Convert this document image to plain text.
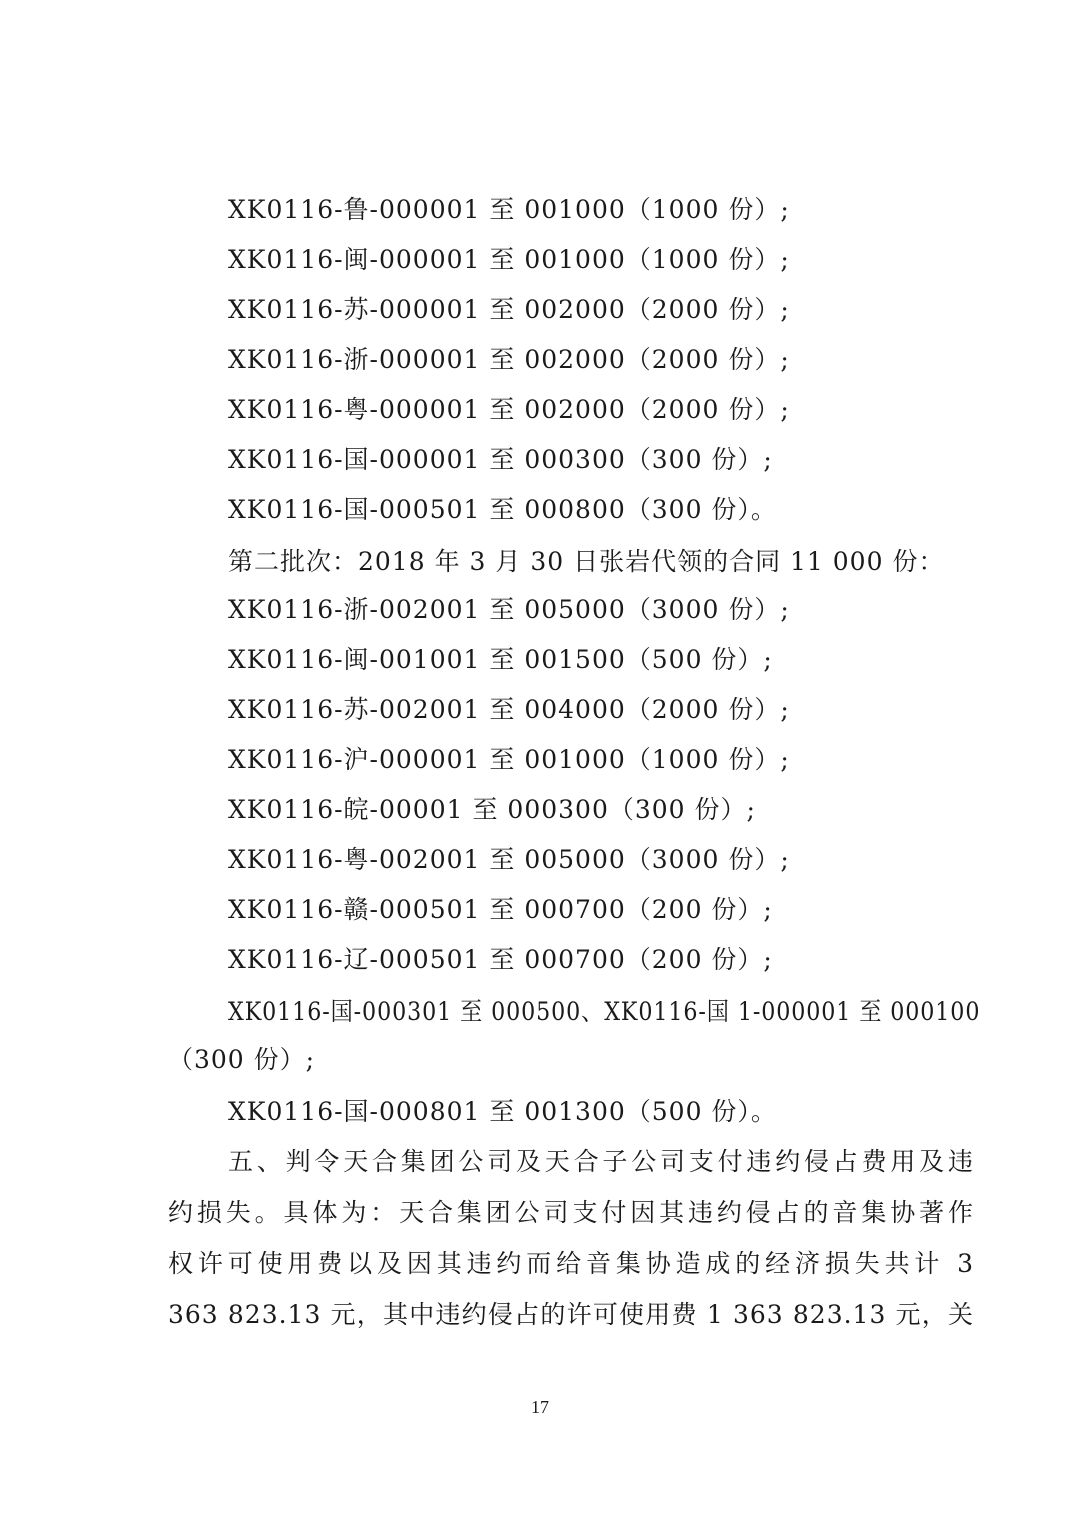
XK0116-鲁-000001 至 001000（1000 份）;
XK0116-闽-000001 至 001000（1000 份）;
XK0116-苏-000001 至 002000（2000 份）;
XK0116-浙-000001 至 002000（2000 份）;
XK0116-粤-000001 至 002000（2000 份）;
XK0116-国-000001 至 000300（300 份）;
XK0116-国-000501 至 000800（300 份）。
第二批次：2018 年 3 月 30 日张岩代领的合同 11 000 份：
XK0116-浙-002001 至 005000（3000 份）;
XK0116-闽-001001 至 001500（500 份）;
XK0116-苏-002001 至 004000（2000 份）;
XK0116-沪-000001 至 001000（1000 份）;
XK0116-皖-00001 至 000300（300 份）;
XK0116-粤-002001 至 005000（3000 份）;
XK0116-赣-000501 至 000700（200 份）;
XK0116-辽-000501 至 000700（200 份）;
XK0116-国-000301 至 000500、XK0116-国 1-000001 至 000100
（300 份）;
XK0116-国-000801 至 001300（500 份）。
五、判令天合集团公司及天合子公司支付违约侵占费用及违
约损失。具体为：天合集团公司支付因其违约侵占的音集协著作
权许可使用费以及因其违约而给音集协造成的经济损失共计 3
363 823.13 元，其中违约侵占的许可使用费 1 363 823.13 元，关
17
